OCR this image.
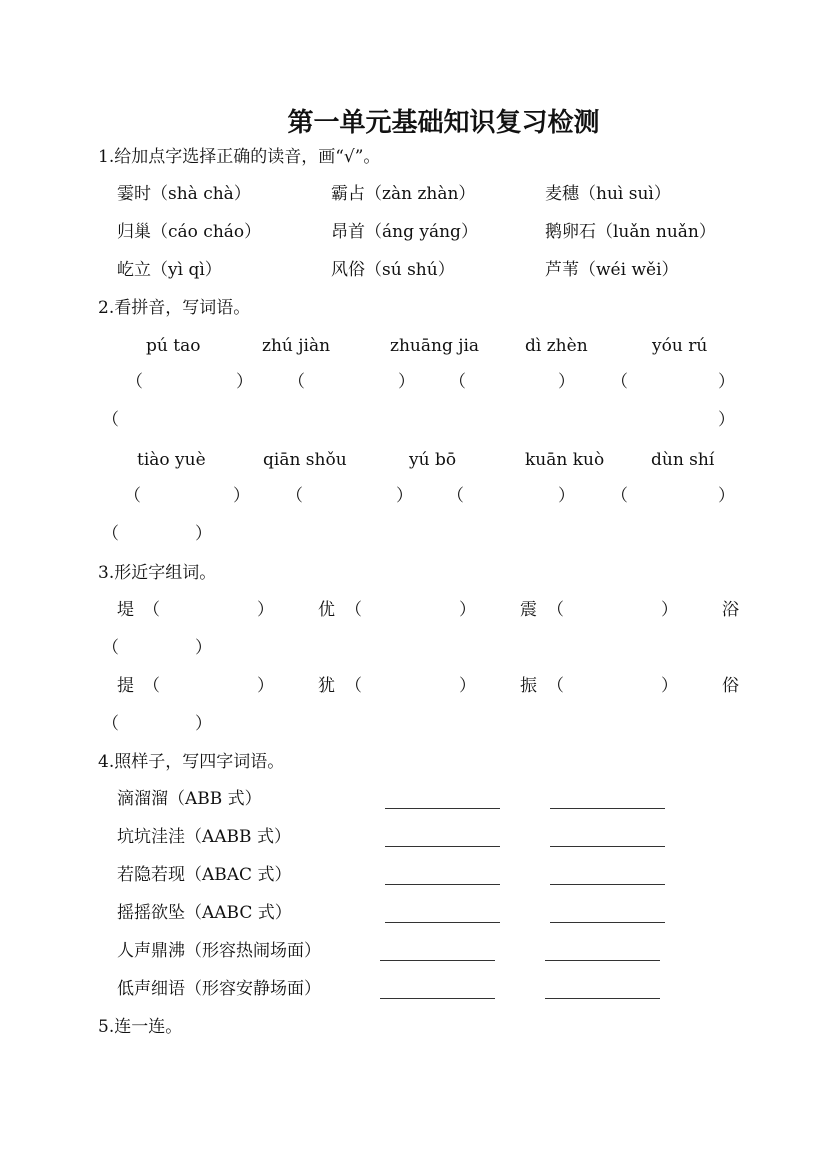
第一单元基础知识复习检测
1.给加点字选择正确的读音，画“√”。
霎时（shà chà）	霸占（zàn zhàn）	麦穗（huì suì）
归巢（cáo cháo）	昂首（áng yáng）	鹅卵石（luǎn nuǎn）
屹立（yì qì）	风俗（sú shú）	芦苇（wéi wěi）
2.看拼音，写词语。
pú tao	zhú jiàn	zhuāng jia	dì zhèn	yóu rú
（	） （	） （	） （	）
（	）
tiào yuè	qiān shǒu	yú bō	kuān kuò	dùn shí
（	） （	） （	） （	）
（	）
3.形近字组词。
堤 （	）	优 （	）	震 （	）	浴
（	）
提 （	）	犹 （	）	振 （	）	俗
（	）
4.照样子，写四字词语。
滴溜溜（ABB 式）
坑坑洼洼（AABB 式）
若隐若现（ABAC 式）
摇摇欲坠（AABC 式）
人声鼎沸（形容热闹场面）
低声细语（形容安静场面）
5.连一连。
